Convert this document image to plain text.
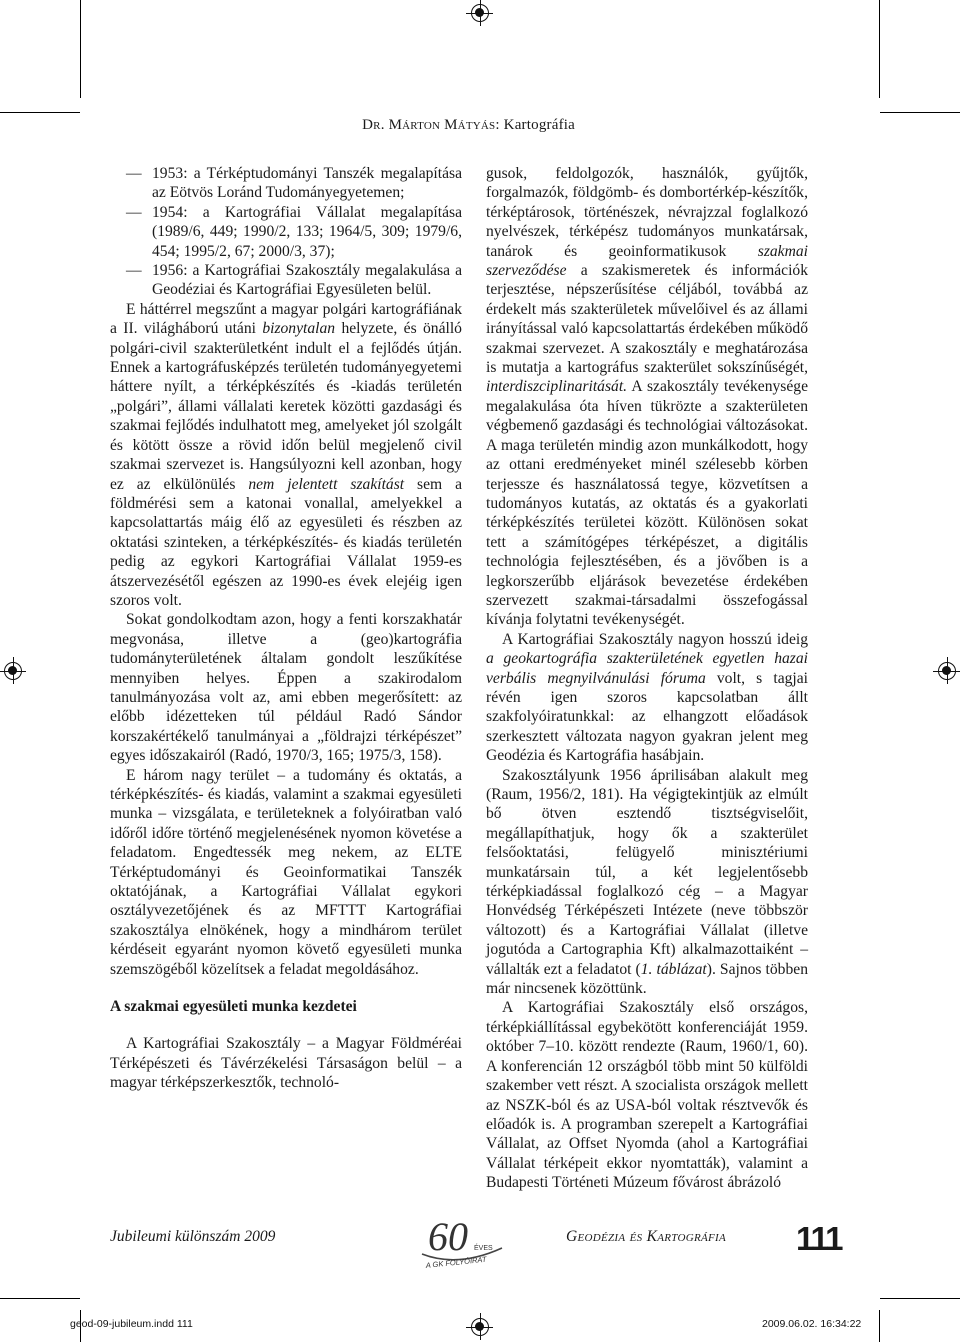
Dr. Márton Mátyás: Kartográfia
— 1953: a Térképtudományi Tanszék megalapítása az Eötvös Loránd Tudományegyetemen;
— 1954: a Kartográfiai Vállalat megalapítása (1989/6, 449; 1990/2, 133; 1964/5, 309; 1979/6, 454; 1995/2, 67; 2000/3, 37);
— 1956: a Kartográfiai Szakosztály megalakulása a Geodéziai és Kartográfiai Egyesületen belül.

E háttérrel megszűnt a magyar polgári kartográfiának a II. világháború utáni bizonytalan helyzete, és önálló polgári-civil szakterületként indult el a fejlődés útján. Ennek a kartográfusképzés területén tudományegyetemi háttere nyílt, a térképkészítés és -kiadás területén „polgári”, állami vállalati keretek közötti gazdasági és szakmai fejlődés indulhatott meg, amelyeket jól szolgált és kötött össze a rövid időn belül megjelenő civil szakmai szervezet is. Hangsúlyozni kell azonban, hogy ez az elkülönülés nem jelentett szakítást sem a földmérési sem a katonai vonallal, amelyekkel a kapcsolattartás máig élő az egyesületi és részben az oktatási szinteken, a térképkészítés- és kiadás területén pedig az egykori Kartográfiai Vállalat 1959-es átszervezésétől egészen az 1990-es évek elejéig igen szoros volt.

Sokat gondolkodtam azon, hogy a fenti korszakhatár megvonása, illetve a (geo)kartográfia tudományterületének általam gondolt leszűkítése mennyiben helyes. Éppen a szakirodalom tanulmányozása volt az, ami ebben megerősített: az előbb idézetteken túl például Radó Sándor korszakértékelő tanulmányai a „földrajzi térképészet” egyes időszakairól (Radó, 1970/3, 165; 1975/3, 158).

E három nagy terület – a tudomány és oktatás, a térképkészítés- és kiadás, valamint a szakmai egyesületi munka – vizsgálata, e területeknek a folyóiratban való időről időre történő megjelenésének nyomon követése a feladatom. Engedtessék meg nekem, az ELTE Térképtudományi és Geoinformatikai Tanszék oktatójának, a Kartográfiai Vállalat egykori osztályvezetőjének és az MFTTT Kartográfiai szakosztálya elnökének, hogy a mindhárom terület kérdéseit egyaránt nyomon követő egyesületi munka szemszögéből közelítsek a feladat megoldásához.

A szakmai egyesületi munka kezdetei

A Kartográfiai Szakosztály – a Magyar Földméréai Térképészeti és Távérzékelési Társaságon belül – a magyar térképszerkesztők, technoló-

gusok, feldolgozók, használók, gyűjtők, forgalmazók, földgömb- és dombortérkép-készítők, térképtárosok, történészek, névrajzzal foglalkozó nyelvészek, térképész tudományos munkatársak, tanárok és geoinformatikusok szakmai szerveződése a szakismeretek és információk terjesztése, népszerűsítése céljából, továbbá az érdekelt más szakterületek művelőivel és az állami irányítással való kapcsolattartás érdekében működő szakmai szervezet. A szakosztály e meghatározása is mutatja a kartográfus szakterület sokszínűségét, interdiszciplinaritását. A szakosztály tevékenysége megalakulása óta híven tükrözte a szakterületen végbemenő gazdasági és technológiai változásokat. A maga területén mindig azon munkálkodott, hogy az ottani eredményeket minél szélesebb körben terjessze és használatossá tegye, közvetítsen a tudományos kutatás, az oktatás és a gyakorlati térképkészítés területei között. Különösen sokat tett a számítógépes térképészet, a digitális technológia fejlesztésében, és a jövőben is a legkorszerűbb eljárások bevezetése érdekében szervezett szakmai-társadalmi összefogással kívánja folytatni tevékenységét.

A Kartográfiai Szakosztály nagyon hosszú ideig a geokartográfia szakterületének egyetlen hazai verbális megnyilvánulási fóruma volt, s tagjai révén igen szoros kapcsolatban állt szakfolyóiratunkkal: az elhangzott előadások szerkesztett változata nagyon gyakran jelent meg Geodézia és Kartográfia hasábjain.

Szakosztályunk 1956 áprilisában alakult meg (Raum, 1956/2, 181). Ha végigtekintjük az elmúlt bő ötven esztendő tisztségviselőit, megállapíthatjuk, hogy ők a szakterület felsőoktatási, felügyelő minisztériumi munkatársain túl, a két legjelentősebb térképkiadással foglalkozó cég – a Magyar Honvédség Térképészeti Intézete (neve többször változott) és a Kartográfiai Vállalat (illetve jogutódа a Cartographia Kft) alkalmazottaiként – vállalták ezt a feladatot (1. táblázat). Sajnos többen már nincsenek közöttünk.

A Kartográfiai Szakosztály első országos, térképkiállítással egybekötött konferenciáját 1959. október 7–10. között rendezte (Raum, 1960/1, 60). A konferencián 12 országból több mint 50 külföldi szakember vett részt. A szocialista országok mellett az NSZK-ból és az USA-ból voltak résztvevők és előadók is. A programban szerepelt a Kartográfiai Vállalat, az Offset Nyomda (ahol a Kartográfiai Vállalat térképeit ekkor nyomtatták), valamint a Budapesti Történeti Múzeum fővárost ábrázoló

Jubileumi különszám 2009	60 ÉVES
A GK FOLYÓIRAT
Geodézia és Kartográfia 111
geod-09-jubileum.indd 111	2009.06.02. 16:34:22
